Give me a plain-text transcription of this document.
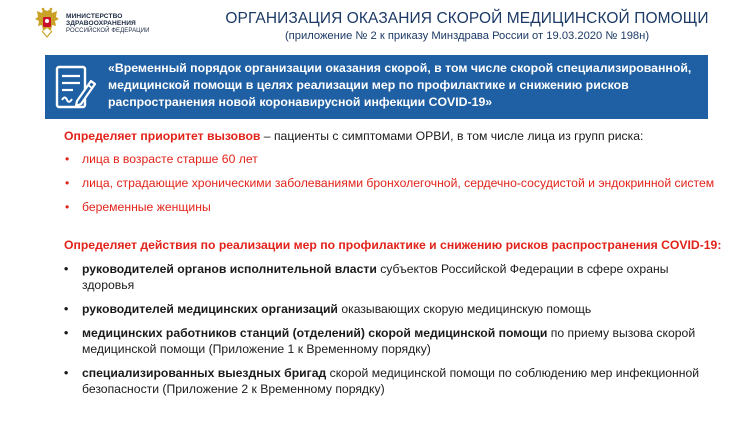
МИНИСТЕРСТВО
ЗДРАВООХРАНЕНИЯ
РОССИЙСКОЙ ФЕДЕРАЦИИ
ОРГАНИЗАЦИЯ ОКАЗАНИЯ СКОРОЙ МЕДИЦИНСКОЙ ПОМОЩИ
(приложение № 2 к приказу Минздрава России от 19.03.2020 № 198н)
«Временный порядок организации оказания скорой, в том числе скорой специализированной, медицинской помощи в целях реализации мер по профилактике и снижению рисков распространения новой коронавирусной инфекции COVID-19»
Определяет приоритет вызовов – пациенты с симптомами ОРВИ, в том числе лица из групп риска:
• лица в возрасте старше 60 лет
• лица, страдающие хроническими заболеваниями бронхолегочной, сердечно-сосудистой и эндокринной систем
• беременные женщины
Определяет действия по реализации мер по профилактике и снижению рисков распространения COVID-19:
• руководителей органов исполнительной власти субъектов Российской Федерации в сфере охраны здоровья
• руководителей медицинских организаций оказывающих скорую медицинскую помощь
• медицинских работников станций (отделений) скорой медицинской помощи по приему вызова скорой медицинской помощи (Приложение 1 к Временному порядку)
• специализированных выездных бригад скорой медицинской помощи по соблюдению мер инфекционной безопасности (Приложение 2 к Временному порядку)
